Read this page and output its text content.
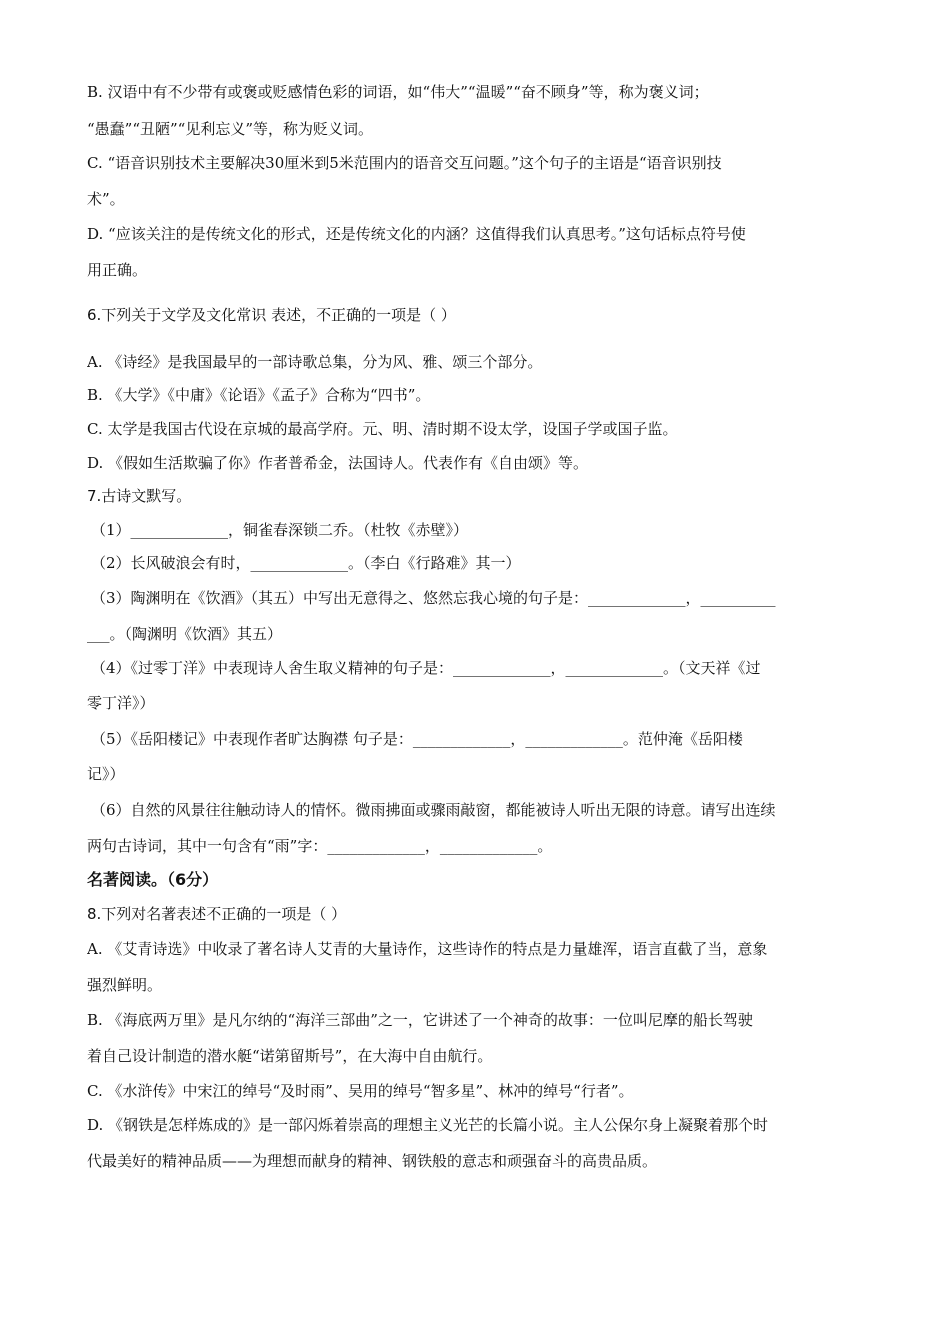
B. 汉语中有不少带有或褒或贬感情色彩的词语，如“伟大”“温暖”“奋不顾身”等，称为褒义词；
“愚蠢”“丑陋”“见利忘义”等，称为贬义词。
C. “语音识别技术主要解决30厘米到5米范围内的语音交互问题。”这个句子的主语是“语音识别技
术”。
D. “应该关注的是传统文化的形式，还是传统文化的内涵？这值得我们认真思考。”这句话标点符号使
用正确。
6.下列关于文学及文化常识 表述，不正确的一项是（ ）
A. 《诗经》是我国最早的一部诗歌总集，分为风、雅、颂三个部分。
B. 《大学》《中庸》《论语》《孟子》合称为“四书”。
C. 太学是我国古代设在京城的最高学府。元、明、清时期不设太学，设国子学或国子监。
D. 《假如生活欺骗了你》作者普希金，法国诗人。代表作有《自由颂》等。
7.古诗文默写。
（1）_____________，铜雀春深锁二乔。（杜牧《赤壁》）
（2）长风破浪会有时，_____________。（李白《行路难》其一）
（3）陶渊明在《饮酒》（其五）中写出无意得之、悠然忘我心境的句子是：_____________，__________
___。（陶渊明《饮酒》其五）
（4）《过零丁洋》中表现诗人舍生取义精神的句子是：_____________，_____________。（文天祥《过
零丁洋》）
（5）《岳阳楼记》中表现作者旷达胸襟 句子是：_____________，_____________。范仲淹《岳阳楼
记》）
（6）自然的风景往往触动诗人的情怀。微雨拂面或骤雨敲窗，都能被诗人听出无限的诗意。请写出连续
两句古诗词，其中一句含有“雨”字：_____________，_____________。
名著阅读。（6分）
8.下列对名著表述不正确的一项是（ ）
A. 《艾青诗选》中收录了著名诗人艾青的大量诗作，这些诗作的特点是力量雄浑，语言直截了当，意象
强烈鲜明。
B. 《海底两万里》是凡尔纳的“海洋三部曲”之一，它讲述了一个神奇的故事：一位叫尼摩的船长驾驶
着自己设计制造的潜水艇“诺第留斯号”，在大海中自由航行。
C. 《水浒传》中宋江的绰号“及时雨”、吴用的绰号“智多星”、林冲的绰号“行者”。
D. 《钢铁是怎样炼成的》是一部闪烁着崇高的理想主义光芒的长篇小说。主人公保尔身上凝聚着那个时
代最美好的精神品质——为理想而献身的精神、钢铁般的意志和顽强奋斗的高贵品质。
